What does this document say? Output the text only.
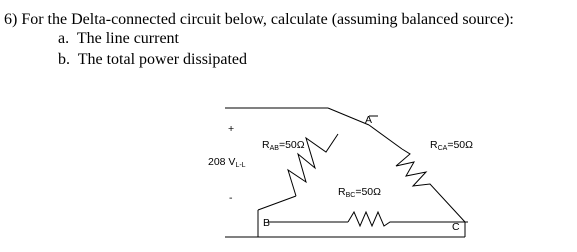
6) For the Delta-connected circuit below, calculate (assuming balanced source):
a. The line current
b. The total power dissipated
+
-
208 $V_{L-L}$
$R_{AB}=50\Omega$	$R_{CA}=50\Omega$
$R_{BC}=50\Omega$
A
B	C
